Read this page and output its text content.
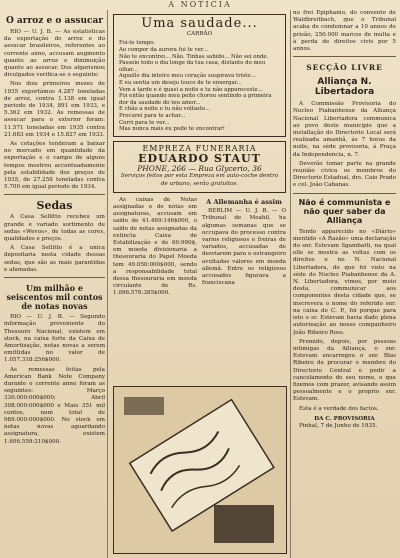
A NOTICIA
O arroz e o assucar
RIO — U. J. B. — As estatisticas da exportação do arroz e do assucar brasileiros, referentes ao corrente anno, accusam augmento quanto ao arroz e diminuição quanto ao assucar. Dos algarismos divulgados verifica-se o seguinte:
Nos dois primeiros mezes de 1935 exportámos 4.287 toneladas de arroz, contra 1.138 em igual periodo de 1934, 891 em 1933, e 5.362 em 1932. As remessas de assucar para o exterior foram: 11.571 toneladas em 1935 contra 21.683 em 1934 e 15.827 em 1933.
As cotações tenderam a baixar no mercado em quantidade da exportação e o campo de alguns tempos mostrou accentuadamente pela estabilidade dos preços de 1935, de 27.258 toneladas contra 5.700 em igual periodo de 1934.
Sedas
A Casa Sellitto recebeu um grande e variado sortimento de sedas «Wevos», de todas as cores, qualidades e preços.
A Casa Sellitto é a unica depositaria nesta cidade dessas sedas, que são as mais garantidas e afamadas.
Um milhão e seiscentos mil contos de notas novas
RIO — U. J. B. — Segundo informação proveniente do Thesouro Nacional, existem em stock, na caixa forte da Caixa de Amortização, notas novas a serem emittidas no valor de 1.057.318:256$000.
As remessas feitas pela American Bank Note Company durante o corrente anno foram as seguintes: Março 330.000:000$000; Abril 308.000:000$000 e Maio 351 mil contos, num total de 989.000:000$000. No stock em notas novas aguardando assignatura, existem 1.606.559:210$000.
Uma saudade...
CARRÃO
Foi-te tempo.
Ao compor da aurora fui te ver...
Não te encontrei... Não. Tinhas sahido... Não sei onde.
Passeio todo o dia longe da tua casa, distante do meu olhar...
Aquelle dia inteiro meu coração suspirava triste...
E eu sentia um desejo louco de te enxergar...
Vem a tarde e é quasi a noite e tu não appareceste...
Foi então quando meu peito chorou sentindo a primeira dor da saudade do teu amor...
E chão a noite e tu não voltaste...
Procurei para te achar...
Corri para te ver...
Mas nunca mais eu pude te encontrar!
EMPREZA FUNERARIA
EDUARDO STAUT
PHONE, 266 — Rua Glycerio, 36
Serviços feitos por esta Empreza em auto-coche dentro de urbano, serão gratuitos.
As caixas de Notas assignadas e de notas em assignaturas, accusam um saldo de 41.469:146$000, o saldo de notas assignadas da extincta Caixa de Estabilização e de 60:990$, em moeda divisionaria a thesouraria do Papel Moeda tem 49.050:000$000, sendo a responsabilidade total dessa thesouraria em moeda circulante de Rs. 1.096.578:385$000.
A Allemanha é assim
BERLIM — U. J. B. — O Tribunal de Meahil, ha algumas semanas que se occupava do processo contra varios religiosos e freiras de variados, accusadas de desviarem para o estrangeiro avultadas valores em moeda allemã. Entre os religiosos accusados figurava a franciscana
no frei Epiphanio, do convento de Waldbreitbach, que o Tribunal acaba de condemnar a 10 annos de prisão, 250.000 marcos de multa e à perda de direitos civis por 5 annos.
SECÇÃO LIVRE
Alliança N. Libertadora
A Commissão Provisoria do Nucleo Piabanhense da Alliança Nacional Libertadora communica ao povo deste municipio que a installação do Directorio Local será realizada amanhã, ás 7 horas da noite, na séde provisoria, á Praça da Independencia, n. 7.
Deverão tomar parte na grande reunião civica os membros do Directorio Estadual, drs. Caio Prado e cel. João Cabanas.
Não é communista e não quer saber da Alliança
Tendo apparecido no «Diário» mentido «A Razão» uma declaração do snr. Estevam Sgambatti, na qual elle se mostra as voltas com os direitos e no N. Nacional Libertadora, de que foi visto na séde do Nucleo Piabanhense da A. N. Libertadora, vimos, por meio desta, communicar aos componentes desta cidade que, se inscrevera o nome do referido snr. na caixa de C. P., foi porque para isto o sr. Estevam havia dado plena autorização ao nosso companheiro João Ribeiro Ross.
Premido, depois, por pessoas intimigas da Alliança, o snr. Estevam encarregou o snr. Blas Ribeiro de procurar o membro do Directorio Central e pedir a cancelamento do seu nome, o que fizemos com prazer, avisando assim pessoalmente e o proprio snr. Estevam.
Esta é a verdade dos factos.
DA C. PROVISORIA
Pinhal, 7 de Junho de 1935.
